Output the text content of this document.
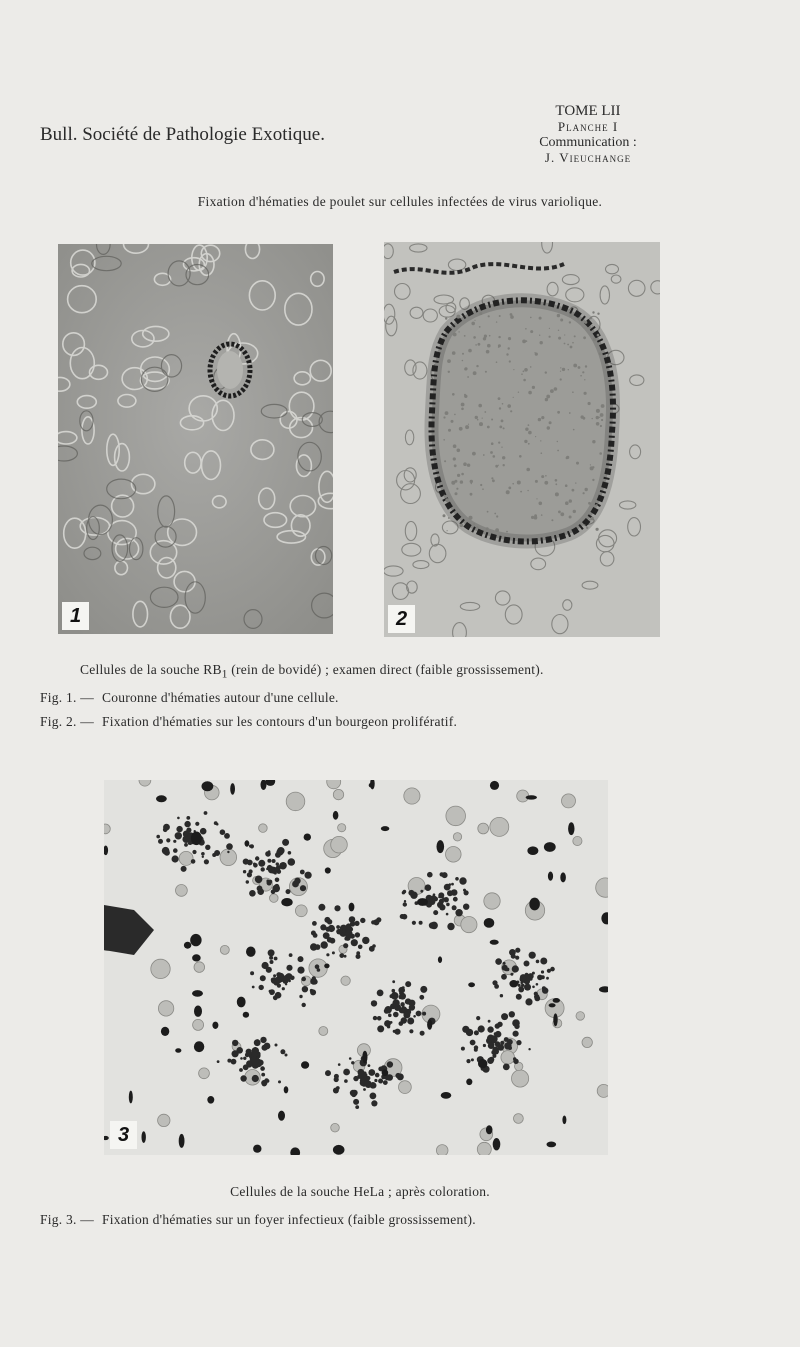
Bull. Société de Pathologie Exotique.
TOME LII
Planche I
Communication :
J. Vieuchange
Fixation d'hématies de poulet sur cellules infectées de virus variolique.
1	2
Cellules de la souche $RB_1$ (rein de bovidé) ; examen direct (faible grossissement).
Fig. 1. — Couronne d'hématies autour d'une cellule.
Fig. 2. — Fixation d'hématies sur les contours d'un bourgeon prolifératif.
3
Cellules de la souche HeLa ; après coloration.
Fig. 3. — Fixation d'hématies sur un foyer infectieux (faible grossissement).
